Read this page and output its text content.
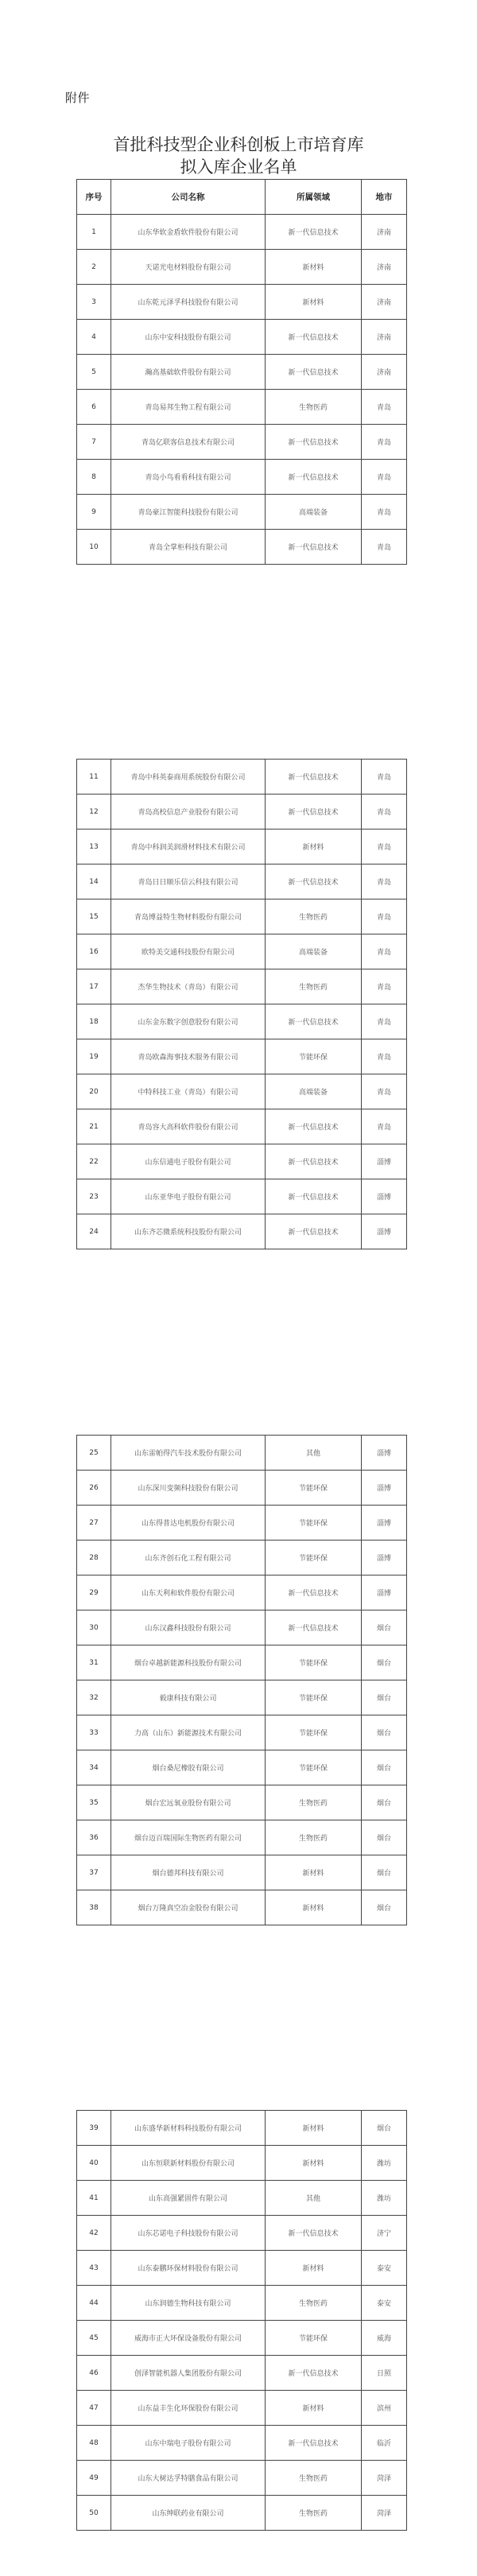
附件
首批科技型企业科创板上市培育库
拟入库企业名单
序号	公司名称	所属领域	地市
1	山东华软金盾软件股份有限公司	新一代信息技术	济南
2	天诺光电材料股份有限公司	新材料	济南
3	山东乾元泽孚科技股份有限公司	新材料	济南
4	山东中安科技股份有限公司	新一代信息技术	济南
5	瀚高基础软件股份有限公司	新一代信息技术	济南
6	青岛易邦生物工程有限公司	生物医药	青岛
7	青岛亿联客信息技术有限公司	新一代信息技术	青岛
8	青岛小鸟看看科技有限公司	新一代信息技术	青岛
9	青岛豪江智能科技股份有限公司	高端装备	青岛
10	青岛全掌柜科技有限公司	新一代信息技术	青岛
11	青岛中科英泰商用系统股份有限公司	新一代信息技术	青岛
12	青岛高校信息产业股份有限公司	新一代信息技术	青岛
13	青岛中科润美润滑材料技术有限公司	新材料	青岛
14	青岛日日顺乐信云科技有限公司	新一代信息技术	青岛
15	青岛博益特生物材料股份有限公司	生物医药	青岛
16	欧特美交通科技股份有限公司	高端装备	青岛
17	杰华生物技术（青岛）有限公司	生物医药	青岛
18	山东金东数字创意股份有限公司	新一代信息技术	青岛
19	青岛欧森海事技术服务有限公司	节能环保	青岛
20	中特科技工业（青岛）有限公司	高端装备	青岛
21	青岛容大高科软件股份有限公司	新一代信息技术	青岛
22	山东信通电子股份有限公司	新一代信息技术	淄博
23	山东亚华电子股份有限公司	新一代信息技术	淄博
24	山东齐芯微系统科技股份有限公司	新一代信息技术	淄博
25	山东雷帕得汽车技术股份有限公司	其他	淄博
26	山东深川变频科技股份有限公司	节能环保	淄博
27	山东得普达电机股份有限公司	节能环保	淄博
28	山东齐创石化工程有限公司	节能环保	淄博
29	山东天利和软件股份有限公司	新一代信息技术	淄博
30	山东汉鑫科技股份有限公司	新一代信息技术	烟台
31	烟台卓越新能源科技股份有限公司	节能环保	烟台
32	毅康科技有限公司	节能环保	烟台
33	力高（山东）新能源技术有限公司	节能环保	烟台
34	烟台桑尼橡胶有限公司	节能环保	烟台
35	烟台宏远氧业股份有限公司	生物医药	烟台
36	烟台迈百瑞国际生物医药有限公司	生物医药	烟台
37	烟台德邦科技有限公司	新材料	烟台
38	烟台万隆真空冶金股份有限公司	新材料	烟台
39	山东盛华新材料科技股份有限公司	新材料	烟台
40	山东恒联新材料股份有限公司	新材料	潍坊
41	山东高强紧固件有限公司	其他	潍坊
42	山东芯诺电子科技股份有限公司	新一代信息技术	济宁
43	山东泰鹏环保材料股份有限公司	新材料	泰安
44	山东润德生物科技有限公司	生物医药	泰安
45	威海市正大环保设备股份有限公司	节能环保	威海
46	创泽智能机器人集团股份有限公司	新一代信息技术	日照
47	山东益丰生化环保股份有限公司	新材料	滨州
48	山东中瑞电子股份有限公司	新一代信息技术	临沂
49	山东大树达孚特膳食品有限公司	生物医药	菏泽
50	山东绅联药业有限公司	生物医药	菏泽
